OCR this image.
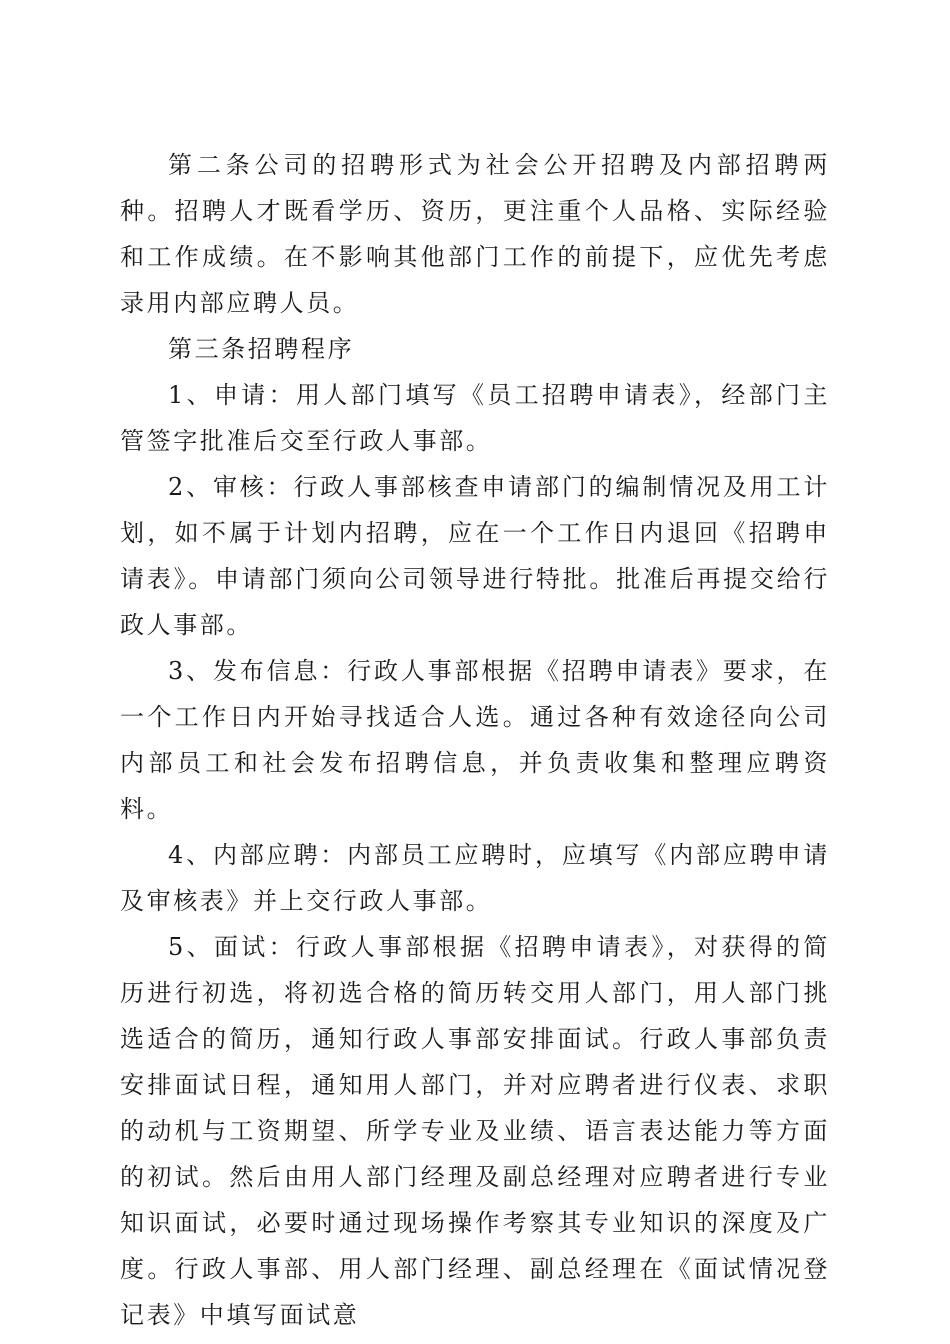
第二条公司的招聘形式为社会公开招聘及内部招聘两种。招聘人才既看学历、资历，更注重个人品格、实际经验和工作成绩。在不影响其他部门工作的前提下，应优先考虑录用内部应聘人员。

第三条招聘程序

1、申请：用人部门填写《员工招聘申请表》，经部门主管签字批准后交至行政人事部。

2、审核：行政人事部核查申请部门的编制情况及用工计划，如不属于计划内招聘，应在一个工作日内退回《招聘申请表》。申请部门须向公司领导进行特批。批准后再提交给行政人事部。

3、发布信息：行政人事部根据《招聘申请表》要求，在一个工作日内开始寻找适合人选。通过各种有效途径向公司内部员工和社会发布招聘信息，并负责收集和整理应聘资料。

4、内部应聘：内部员工应聘时，应填写《内部应聘申请及审核表》并上交行政人事部。

5、面试：行政人事部根据《招聘申请表》，对获得的简历进行初选，将初选合格的简历转交用人部门，用人部门挑选适合的简历，通知行政人事部安排面试。行政人事部负责安排面试日程，通知用人部门，并对应聘者进行仪表、求职的动机与工资期望、所学专业及业绩、语言表达能力等方面的初试。然后由用人部门经理及副总经理对应聘者进行专业知识面试，必要时通过现场操作考察其专业知识的深度及广度。行政人事部、用人部门经理、副总经理在《面试情况登记表》中填写面试意
